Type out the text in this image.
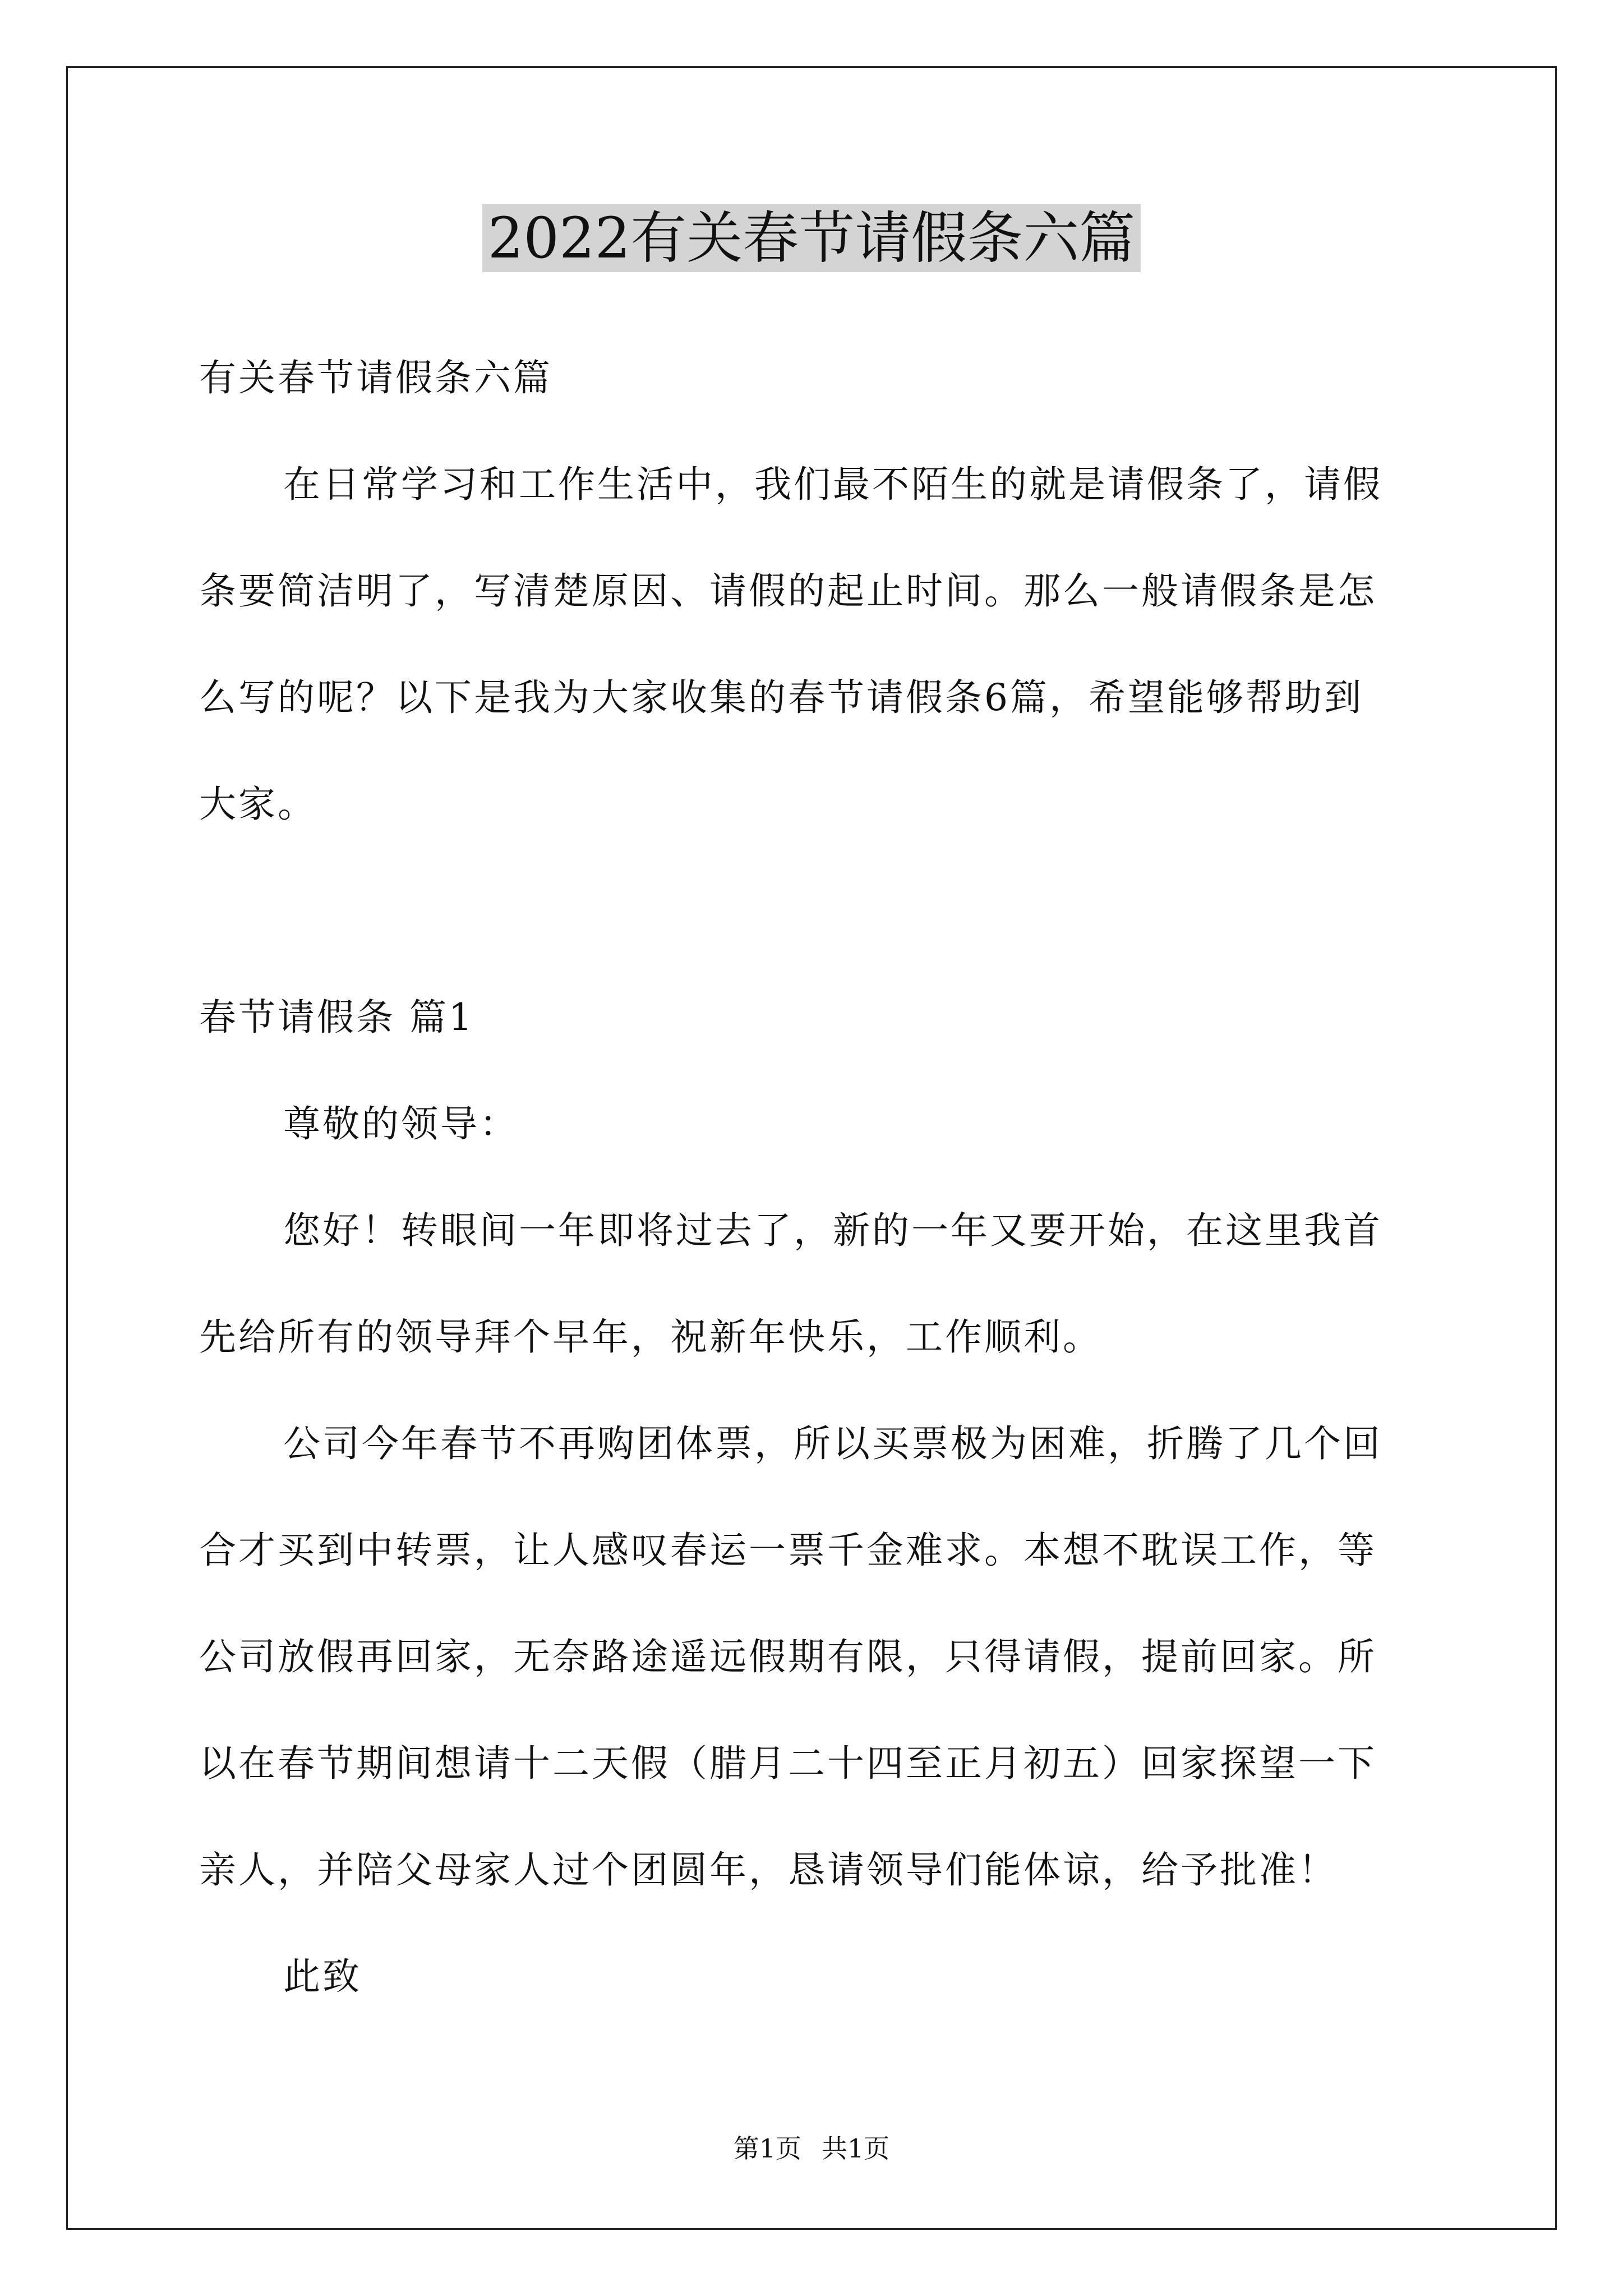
2022有关春节请假条六篇
有关春节请假条六篇
在日常学习和工作生活中，我们最不陌生的就是请假条了，请假
条要简洁明了，写清楚原因、请假的起止时间。那么一般请假条是怎
么写的呢？以下是我为大家收集的春节请假条6篇，希望能够帮助到
大家。
春节请假条 篇1
尊敬的领导：
您好！转眼间一年即将过去了，新的一年又要开始，在这里我首
先给所有的领导拜个早年，祝新年快乐，工作顺利。
公司今年春节不再购团体票，所以买票极为困难，折腾了几个回
合才买到中转票，让人感叹春运一票千金难求。本想不耽误工作，等
公司放假再回家，无奈路途遥远假期有限，只得请假，提前回家。所
以在春节期间想请十二天假（腊月二十四至正月初五）回家探望一下
亲人，并陪父母家人过个团圆年，恳请领导们能体谅，给予批准！
此致
第1页 共1页
